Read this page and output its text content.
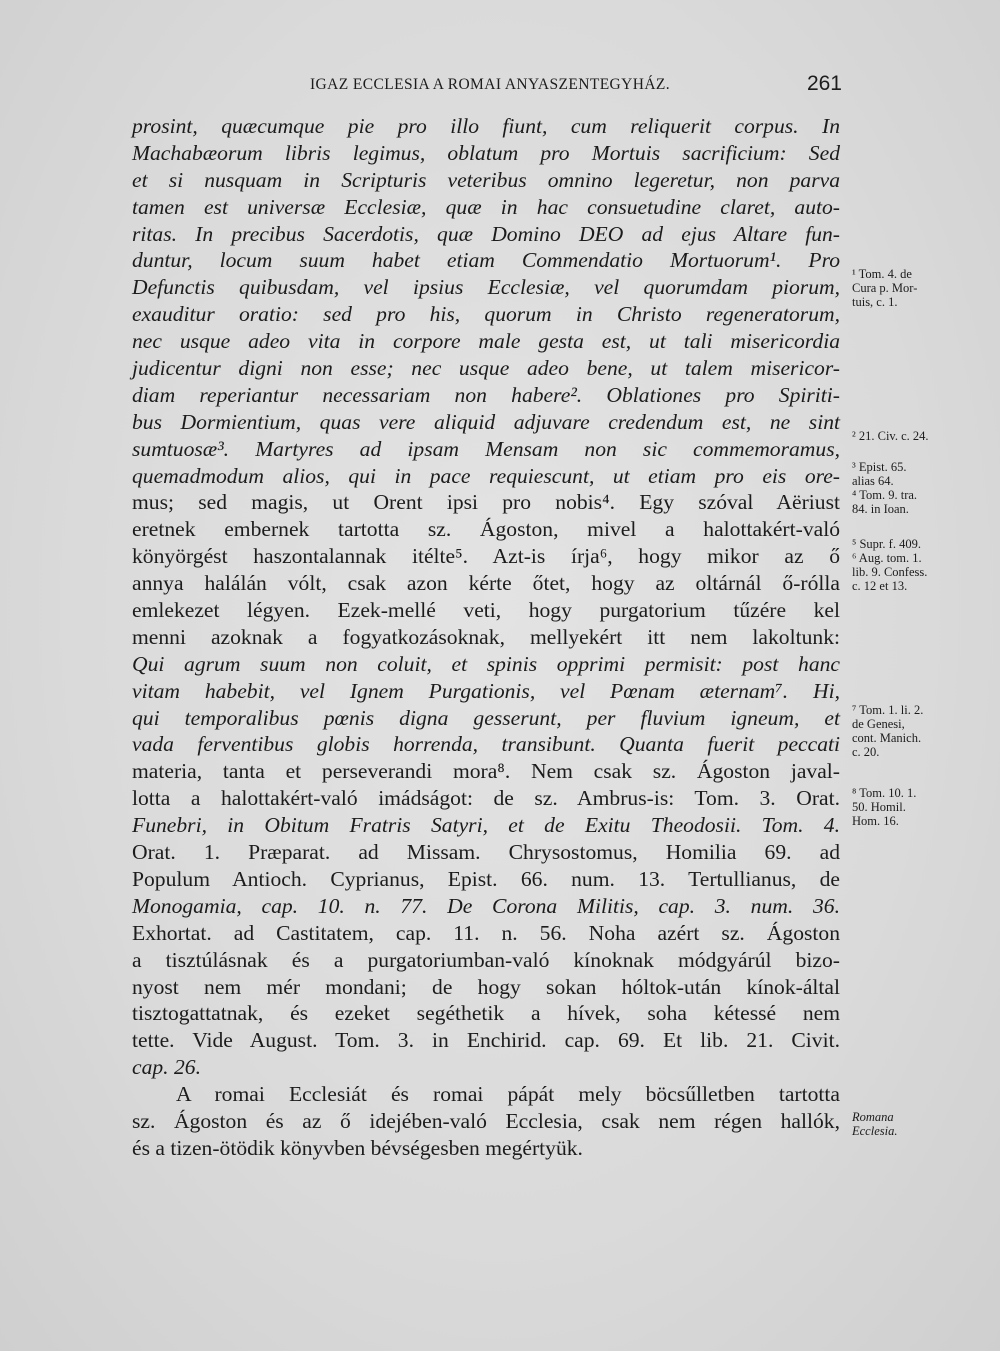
IGAZ ECCLESIA A ROMAI ANYASZENTEGYHÁZ.	261
prosint, quæcumque pie pro illo fiunt, cum reliquerit corpus. In
Machabæorum libris legimus, oblatum pro Mortuis sacrificium: Sed
et si nusquam in Scripturis veteribus omnino legeretur, non parva
tamen est universæ Ecclesiæ, quæ in hac consuetudine claret, auto-
ritas. In precibus Sacerdotis, quæ Domino DEO ad ejus Altare fun-
duntur, locum suum habet etiam Commendatio Mortuorum¹. Pro
Defunctis quibusdam, vel ipsius Ecclesiæ, vel quorumdam piorum,
exauditur oratio: sed pro his, quorum in Christo regeneratorum,
nec usque adeo vita in corpore male gesta est, ut tali misericordia
judicentur digni non esse; nec usque adeo bene, ut talem misericor-
diam reperiantur necessariam non habere². Oblationes pro Spiriti-
bus Dormientium, quas vere aliquid adjuvare credendum est, ne sint
sumtuosæ³. Martyres ad ipsam Mensam non sic commemoramus,
quemadmodum alios, qui in pace requiescunt, ut etiam pro eis ore-
mus; sed magis, ut Orent ipsi pro nobis⁴. Egy szóval Aëriust
eretnek embernek tartotta sz. Ágoston, mivel a halottakért-való
könyörgést haszontalannak itélte⁵. Azt-is írja⁶, hogy mikor az ő
annya halálán vólt, csak azon kérte őtet, hogy az oltárnál ő-rólla
emlekezet légyen. Ezek-mellé veti, hogy purgatorium tűzére kel
menni azoknak a fogyatkozásoknak, mellyekért itt nem lakoltunk:
Qui agrum suum non coluit, et spinis opprimi permisit: post hanc
vitam habebit, vel Ignem Purgationis, vel Pœnam æternam⁷. Hi,
qui temporalibus pœnis digna gesserunt, per fluvium igneum, et
vada ferventibus globis horrenda, transibunt. Quanta fuerit peccati
materia, tanta et perseverandi mora⁸. Nem csak sz. Ágoston javal-
lotta a halottakért-való imádságot: de sz. Ambrus-is: Tom. 3. Orat.
Funebri, in Obitum Fratris Satyri, et de Exitu Theodosii. Tom. 4.
Orat. 1. Præparat. ad Missam. Chrysostomus, Homilia 69. ad
Populum Antioch. Cyprianus, Epist. 66. num. 13. Tertullianus, de
Monogamia, cap. 10. n. 77. De Corona Militis, cap. 3. num. 36.
Exhortat. ad Castitatem, cap. 11. n. 56. Noha azért sz. Ágoston
a tisztúlásnak és a purgatoriumban-való kínoknak módgyárúl bizo-
nyost nem mér mondani; de hogy sokan hóltok-után kínok-által
tisztogattatnak, és ezeket segéthetik a hívek, soha kétessé nem
tette. Vide August. Tom. 3. in Enchirid. cap. 69. Et lib. 21. Civit.
cap. 26.
A romai Ecclesiát és romai pápát mely böcsűlletben tartotta
sz. Ágoston és az ő idejében-való Ecclesia, csak nem régen hallók,
és a tizen-ötödik könyvben bévségesben megértyük.
¹ Tom. 4. de
Cura p. Mor-
tuis, c. 1.
² 21. Civ. c. 24.
³ Epist. 65.
alias 64.
⁴ Tom. 9. tra.
84. in Ioan.
⁵ Supr. f. 409.
⁶ Aug. tom. 1.
lib. 9. Confess.
c. 12 et 13.
⁷ Tom. 1. li. 2.
de Genesi,
cont. Manich.
c. 20.
⁸ Tom. 10. 1.
50. Homil.
Hom. 16.
Romana
Ecclesia.
